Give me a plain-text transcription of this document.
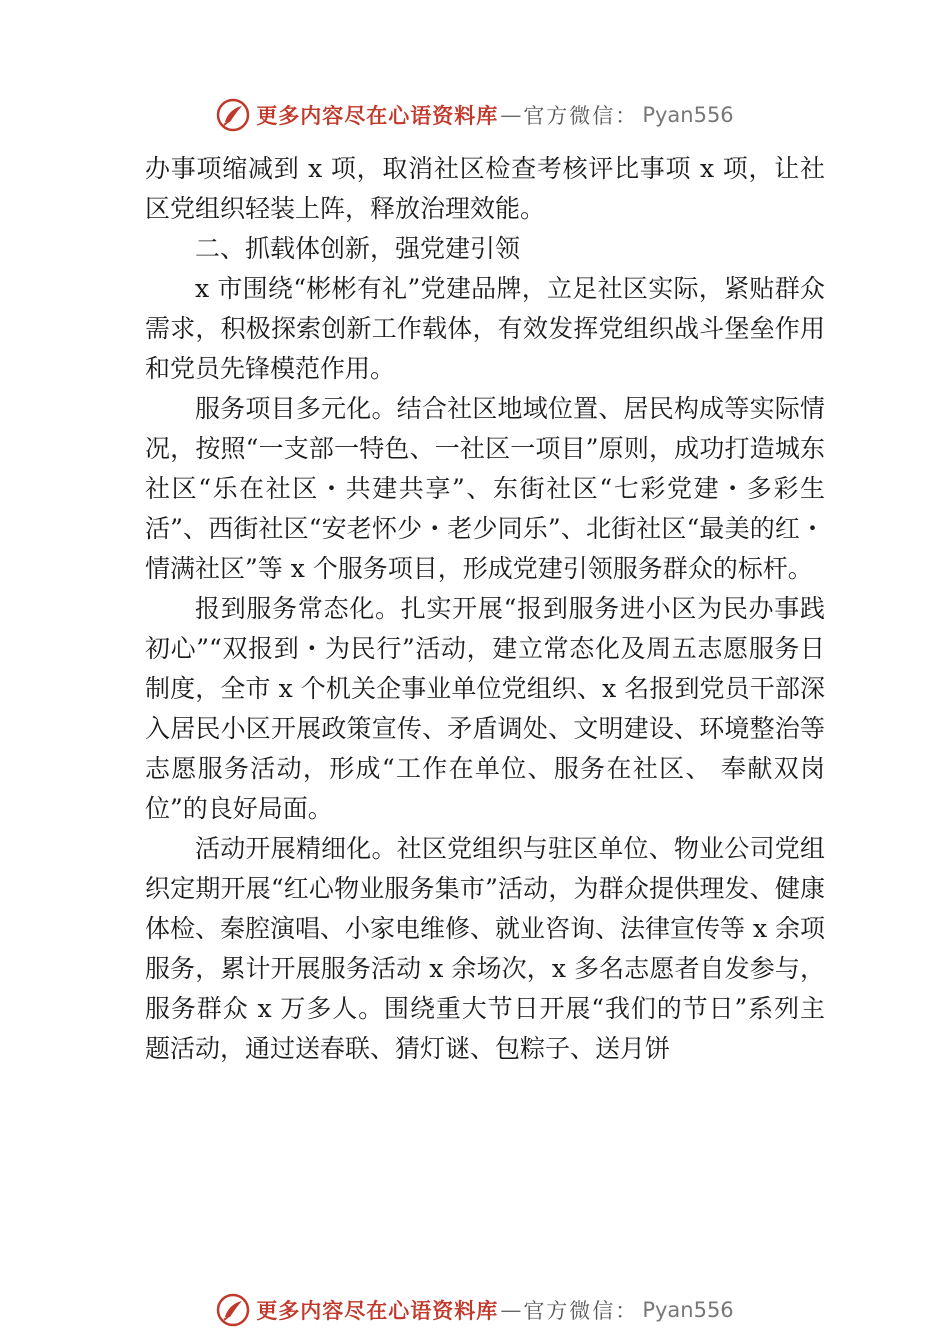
更多内容尽在心语资料库 — 官方微信： Pyan556

办事项缩减到 x 项，取消社区检查考核评比事项 x 项，让社区党组织轻装上阵，释放治理效能。

二、抓载体创新，强党建引领

x 市围绕“彬彬有礼”党建品牌，立足社区实际，紧贴群众需求，积极探索创新工作载体，有效发挥党组织战斗堡垒作用和党员先锋模范作用。

服务项目多元化。结合社区地域位置、居民构成等实际情况，按照“一支部一特色、一社区一项目”原则，成功打造城东社区“乐在社区・共建共享”、东街社区“七彩党建・多彩生活”、西街社区“安老怀少・老少同乐”、北街社区“最美的红・情满社区”等 x 个服务项目，形成党建引领服务群众的标杆。

报到服务常态化。扎实开展“报到服务进小区为民办事践初心”“双报到・为民行”活动，建立常态化及周五志愿服务日制度，全市 x 个机关企事业单位党组织、x 名报到党员干部深入居民小区开展政策宣传、矛盾调处、文明建设、环境整治等志愿服务活动，形成“工作在单位、服务在社区、 奉献双岗位”的良好局面。

活动开展精细化。社区党组织与驻区单位、物业公司党组织定期开展“红心物业服务集市”活动，为群众提供理发、健康体检、秦腔演唱、小家电维修、就业咨询、法律宣传等 x 余项服务，累计开展服务活动 x 余场次，x 多名志愿者自发参与，服务群众 x 万多人。围绕重大节日开展“我们的节日”系列主题活动，通过送春联、猜灯谜、包粽子、送月饼

更多内容尽在心语资料库 — 官方微信： Pyan556
